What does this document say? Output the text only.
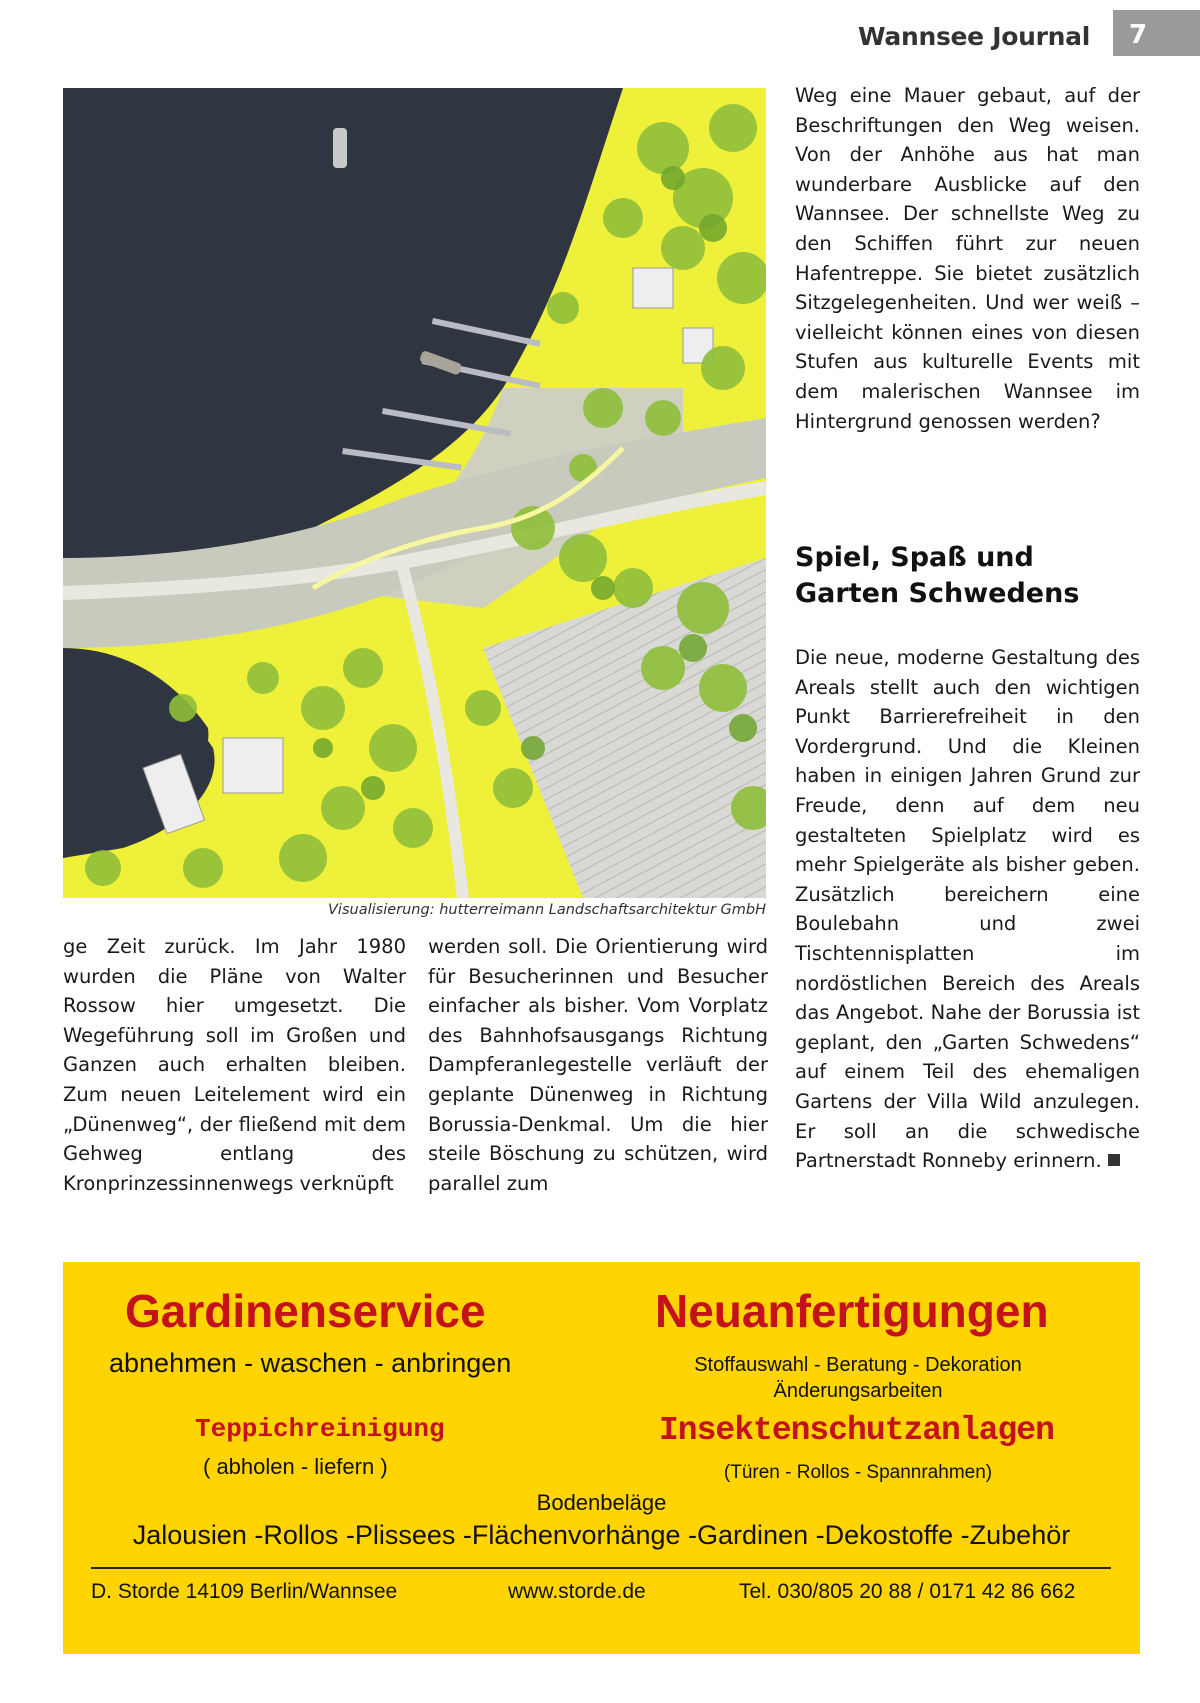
Wannsee Journal	7
Visualisierung: hutterreimann Landschaftsarchitektur GmbH
Weg eine Mauer gebaut, auf der Beschriftungen den Weg weisen. Von der Anhöhe aus hat man wunderbare Ausblicke auf den Wannsee. Der schnellste Weg zu den Schiffen führt zur neuen Hafentreppe. Sie bietet zusätzlich Sitzgelegenheiten. Und wer weiß – vielleicht können eines von diesen Stufen aus kulturelle Events mit dem malerischen Wannsee im Hintergrund genossen werden?
Spiel, Spaß und Garten Schwedens
Die neue, moderne Gestaltung des Areals stellt auch den wichtigen Punkt Barrierefreiheit in den Vordergrund. Und die Kleinen haben in einigen Jahren Grund zur Freude, denn auf dem neu gestalteten Spielplatz wird es mehr Spielgeräte als bisher geben. Zusätzlich bereichern eine Boulebahn und zwei Tischtennisplatten im nordöstlichen Bereich des Areals das Angebot. Nahe der Borussia ist geplant, den „Garten Schwedens“ auf einem Teil des ehemaligen Gartens der Villa Wild anzulegen. Er soll an die schwedische Partnerstadt Ronneby erinnern.
ge Zeit zurück. Im Jahr 1980 wurden die Pläne von Walter Rossow hier umgesetzt. Die Wegeführung soll im Großen und Ganzen auch erhalten bleiben. Zum neuen Leitelement wird ein „Dünenweg“, der fließend mit dem Gehweg entlang des Kronprinzessinnenwegs verknüpft
werden soll. Die Orientierung wird für Besucherinnen und Besucher einfacher als bisher. Vom Vorplatz des Bahnhofsausgangs Richtung Dampferanlegestelle verläuft der geplante Dünenweg in Richtung Borussia-Denkmal. Um die hier steile Böschung zu schützen, wird parallel zum
Gardinenservice	Neuanfertigungen
abnehmen - waschen - anbringen	Stoffauswahl - Beratung - Dekoration
Änderungsarbeiten
Teppichreinigung	Insektenschutzanlagen
( abholen - liefern )	(Türen - Rollos - Spannrahmen)
Bodenbeläge
Jalousien -Rollos -Plissees -Flächenvorhänge -Gardinen -Dekostoffe -Zubehör
D. Storde 14109 Berlin/Wannsee	www.storde.de	Tel. 030/805 20 88 / 0171 42 86 662
